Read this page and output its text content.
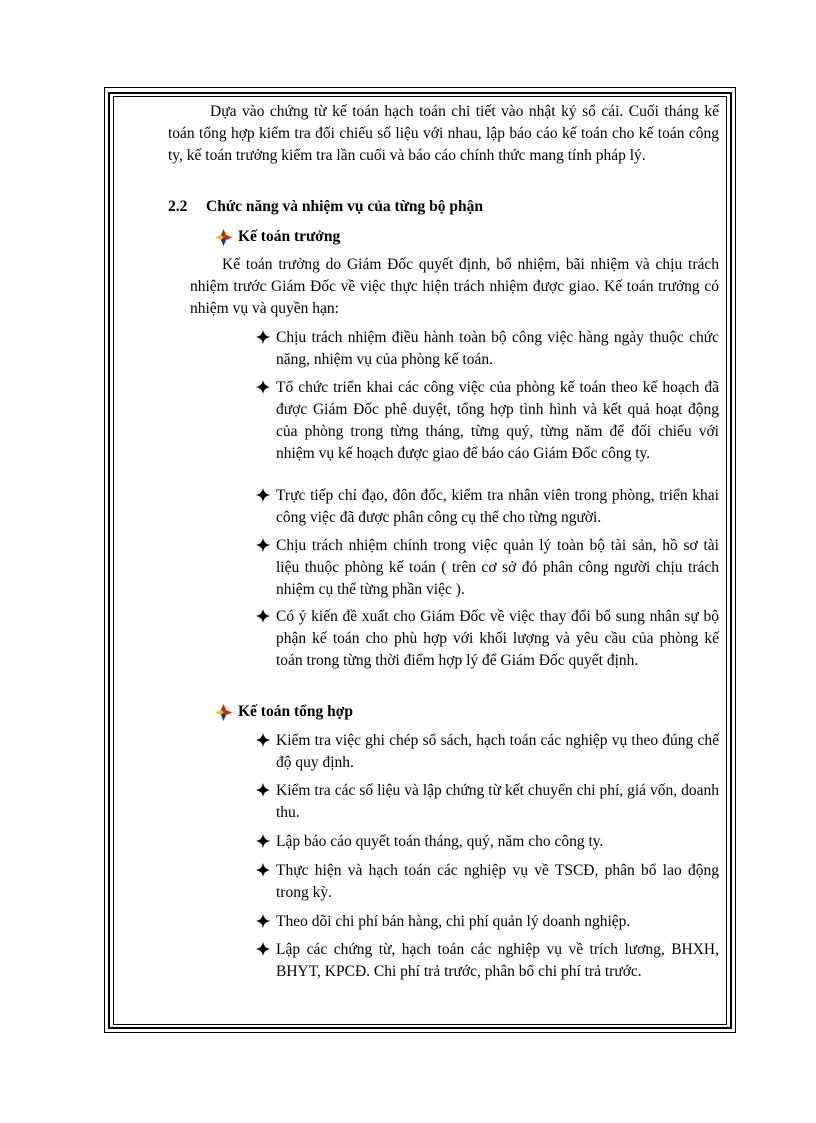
Dựa vào chứng từ kế toán hạch toán chi tiết vào nhật ký sổ cái. Cuối tháng kế toán tổng hợp kiểm tra đối chiếu số liệu với nhau, lập báo cáo kế toán cho kế toán công ty, kế toán trưởng kiểm tra lần cuối và báo cáo chính thức mang tính pháp lý.

2.2 Chức năng và nhiệm vụ của từng bộ phận
Kế toán trưởng

Kế toán trưởng do Giám Đốc quyết định, bổ nhiệm, bãi nhiệm và chịu trách nhiệm trước Giám Đốc về việc thực hiện trách nhiệm được giao. Kế toán trưởng có nhiệm vụ và quyền hạn:

Chịu trách nhiệm điều hành toàn bộ công việc hàng ngày thuộc chức năng, nhiệm vụ của phòng kế toán.
Tổ chức triển khai các công việc của phòng kế toán theo kế hoạch đã được Giám Đốc phê duyệt, tổng hợp tình hình và kết quả hoạt động của phòng trong từng tháng, từng quý, từng năm để đối chiếu với nhiệm vụ kế hoạch được giao để báo cáo Giám Đốc công ty.
Trực tiếp chỉ đạo, đôn đốc, kiểm tra nhân viên trong phòng, triển khai công việc đã được phân công cụ thể cho từng người.
Chịu trách nhiệm chính trong việc quản lý toàn bộ tài sản, hồ sơ tài liệu thuộc phòng kế toán ( trên cơ sở đó phân công người chịu trách nhiệm cụ thể từng phần việc ).
Có ý kiến đề xuất cho Giám Đốc về việc thay đổi bổ sung nhân sự bộ phận kế toán cho phù hợp với khối lượng và yêu cầu của phòng kế toán trong từng thời điểm hợp lý để Giám Đốc quyết định.
Kế toán tổng hợp
Kiểm tra việc ghi chép sổ sách, hạch toán các nghiệp vụ theo đúng chế độ quy định.
Kiểm tra các số liệu và lập chứng từ kết chuyển chi phí, giá vốn, doanh thu.
Lập báo cáo quyết toán tháng, quý, năm cho công ty.
Thực hiện và hạch toán các nghiệp vụ về TSCĐ, phân bổ lao động trong kỳ.
Theo dõi chi phí bán hàng, chi phí quản lý doanh nghiệp.
Lập các chứng từ, hạch toán các nghiệp vụ về trích lương, BHXH, BHYT, KPCĐ. Chi phí trả trước, phân bổ chi phí trả trước.
